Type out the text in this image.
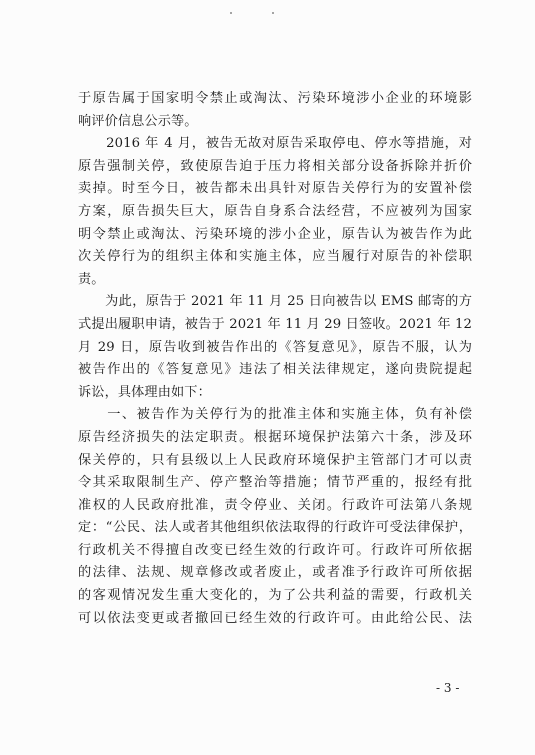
于原告属于国家明令禁止或淘汰、污染环境涉小企业的环境影
响评价信息公示等。
　　2016 年 4 月，被告无故对原告采取停电、停水等措施，对
原告强制关停，致使原告迫于压力将相关部分设备拆除并折价
卖掉。时至今日，被告都未出具针对原告关停行为的安置补偿
方案，原告损失巨大，原告自身系合法经营，不应被列为国家
明令禁止或淘汰、污染环境的涉小企业，原告认为被告作为此
次关停行为的组织主体和实施主体，应当履行对原告的补偿职
责。
　　为此，原告于 2021 年 11 月 25 日向被告以 EMS 邮寄的方
式提出履职申请，被告于 2021 年 11 月 29 日签收。2021 年 12
月 29 日，原告收到被告作出的《答复意见》，原告不服，认为
被告作出的《答复意见》违法了相关法律规定，遂向贵院提起
诉讼，具体理由如下：
　　一、被告作为关停行为的批准主体和实施主体，负有补偿
原告经济损失的法定职责。根据环境保护法第六十条，涉及环
保关停的，只有县级以上人民政府环境保护主管部门才可以责
令其采取限制生产、停产整治等措施；情节严重的，报经有批
准权的人民政府批准，责令停业、关闭。行政许可法第八条规
定：“公民、法人或者其他组织依法取得的行政许可受法律保护，
行政机关不得擅自改变已经生效的行政许可。行政许可所依据
的法律、法规、规章修改或者废止，或者准予行政许可所依据
的客观情况发生重大变化的，为了公共利益的需要，行政机关
可以依法变更或者撤回已经生效的行政许可。由此给公民、法
- 3 -
